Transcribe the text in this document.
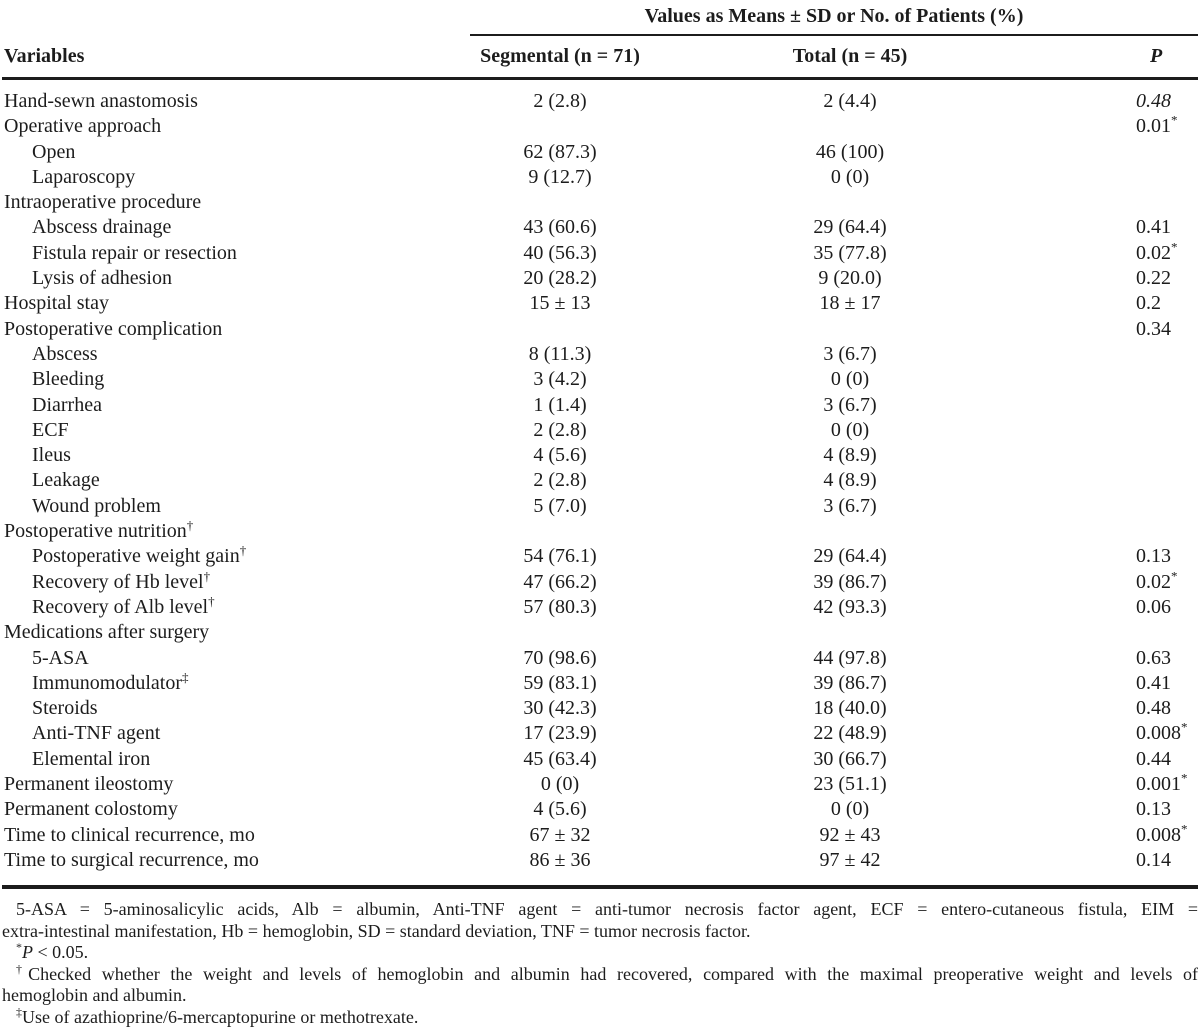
	Values as Means ± SD or No. of Patients (%)		

Variables	Segmental (n = 71)	Total (n = 45)	P
Hand-sewn anastomosis	2 (2.8)	2 (4.4)	0.48
Operative approach			0.01*
Open	62 (87.3)	46 (100)	
Laparoscopy	9 (12.7)	0 (0)	
Intraoperative procedure			
Abscess drainage	43 (60.6)	29 (64.4)	0.41
Fistula repair or resection	40 (56.3)	35 (77.8)	0.02*
Lysis of adhesion	20 (28.2)	9 (20.0)	0.22
Hospital stay	15 ± 13	18 ± 17	0.2
Postoperative complication			0.34
Abscess	8 (11.3)	3 (6.7)	
Bleeding	3 (4.2)	0 (0)	
Diarrhea	1 (1.4)	3 (6.7)	
ECF	2 (2.8)	0 (0)	
Ileus	4 (5.6)	4 (8.9)	
Leakage	2 (2.8)	4 (8.9)	
Wound problem	5 (7.0)	3 (6.7)	
Postoperative nutrition†			
Postoperative weight gain†	54 (76.1)	29 (64.4)	0.13
Recovery of Hb level†	47 (66.2)	39 (86.7)	0.02*
Recovery of Alb level†	57 (80.3)	42 (93.3)	0.06
Medications after surgery			
5-ASA	70 (98.6)	44 (97.8)	0.63
Immunomodulator‡	59 (83.1)	39 (86.7)	0.41
Steroids	30 (42.3)	18 (40.0)	0.48
Anti-TNF agent	17 (23.9)	22 (48.9)	0.008*
Elemental iron	45 (63.4)	30 (66.7)	0.44
Permanent ileostomy	0 (0)	23 (51.1)	0.001*
Permanent colostomy	4 (5.6)	0 (0)	0.13
Time to clinical recurrence, mo	67 ± 32	92 ± 43	0.008*
Time to surgical recurrence, mo	86 ± 36	97 ± 42	0.14
5-ASA = 5-aminosalicylic acids, Alb = albumin, Anti-TNF agent = anti-tumor necrosis factor agent, ECF = entero-cutaneous fistula, EIM =
extra-intestinal manifestation, Hb = hemoglobin, SD = standard deviation, TNF = tumor necrosis factor.
*P < 0.05.
†Checked whether the weight and levels of hemoglobin and albumin had recovered, compared with the maximal preoperative weight and levels of
hemoglobin and albumin.
‡Use of azathioprine/6-mercaptopurine or methotrexate.
